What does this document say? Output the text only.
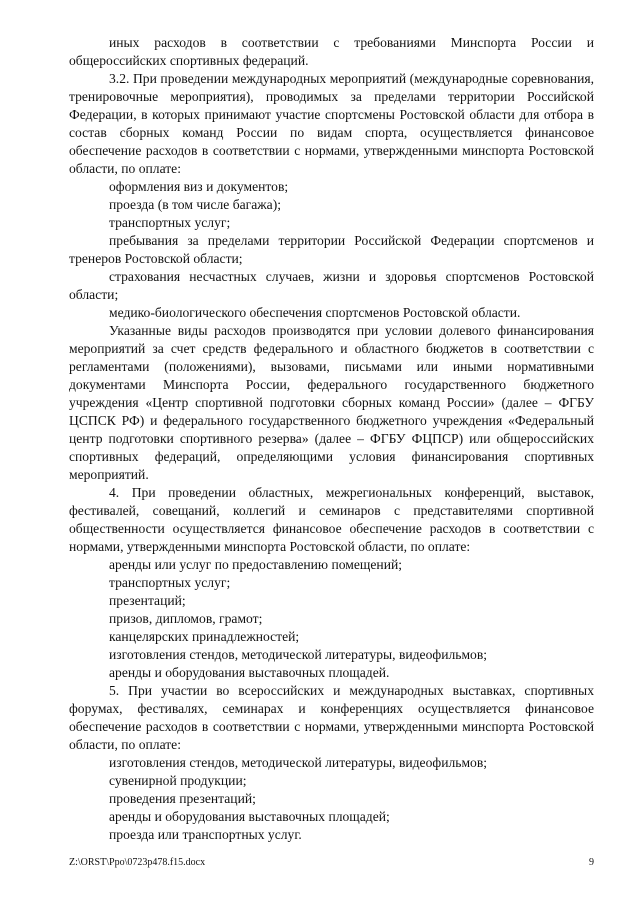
иных расходов в соответствии с требованиями Минспорта России и общероссийских спортивных федераций.

3.2. При проведении международных мероприятий (международные соревнования, тренировочные мероприятия), проводимых за пределами территории Российской Федерации, в которых принимают участие спортсмены Ростовской области для отбора в состав сборных команд России по видам спорта, осуществляется финансовое обеспечение расходов в соответствии с нормами, утвержденными минспорта Ростовской области, по оплате:

оформления виз и документов;

проезда (в том числе багажа);

транспортных услуг;

пребывания за пределами территории Российской Федерации спортсменов и тренеров Ростовской области;

страхования несчастных случаев, жизни и здоровья спортсменов Ростовской области;

медико-биологического обеспечения спортсменов Ростовской области.

Указанные виды расходов производятся при условии долевого финансирования мероприятий за счет средств федерального и областного бюджетов в соответствии с регламентами (положениями), вызовами, письмами или иными нормативными документами Минспорта России, федерального государственного бюджетного учреждения «Центр спортивной подготовки сборных команд России» (далее – ФГБУ ЦСПСК РФ) и федерального государственного бюджетного учреждения «Федеральный центр подготовки спортивного резерва» (далее – ФГБУ ФЦПСР) или общероссийских спортивных федераций, определяющими условия финансирования спортивных мероприятий.

4. При проведении областных, межрегиональных конференций, выставок, фестивалей, совещаний, коллегий и семинаров с представителями спортивной общественности осуществляется финансовое обеспечение расходов в соответствии с нормами, утвержденными минспорта Ростовской области, по оплате:

аренды или услуг по предоставлению помещений;

транспортных услуг;

презентаций;

призов, дипломов, грамот;

канцелярских принадлежностей;

изготовления стендов, методической литературы, видеофильмов;

аренды и оборудования выставочных площадей.

5. При участии во всероссийских и международных выставках, спортивных форумах, фестивалях, семинарах и конференциях осуществляется финансовое обеспечение расходов в соответствии с нормами, утвержденными минспорта Ростовской области, по оплате:

изготовления стендов, методической литературы, видеофильмов;

сувенирной продукции;

проведения презентаций;

аренды и оборудования выставочных площадей;

проезда или транспортных услуг.

Z:\ORST\Ppo\0723p478.f15.docx	9
